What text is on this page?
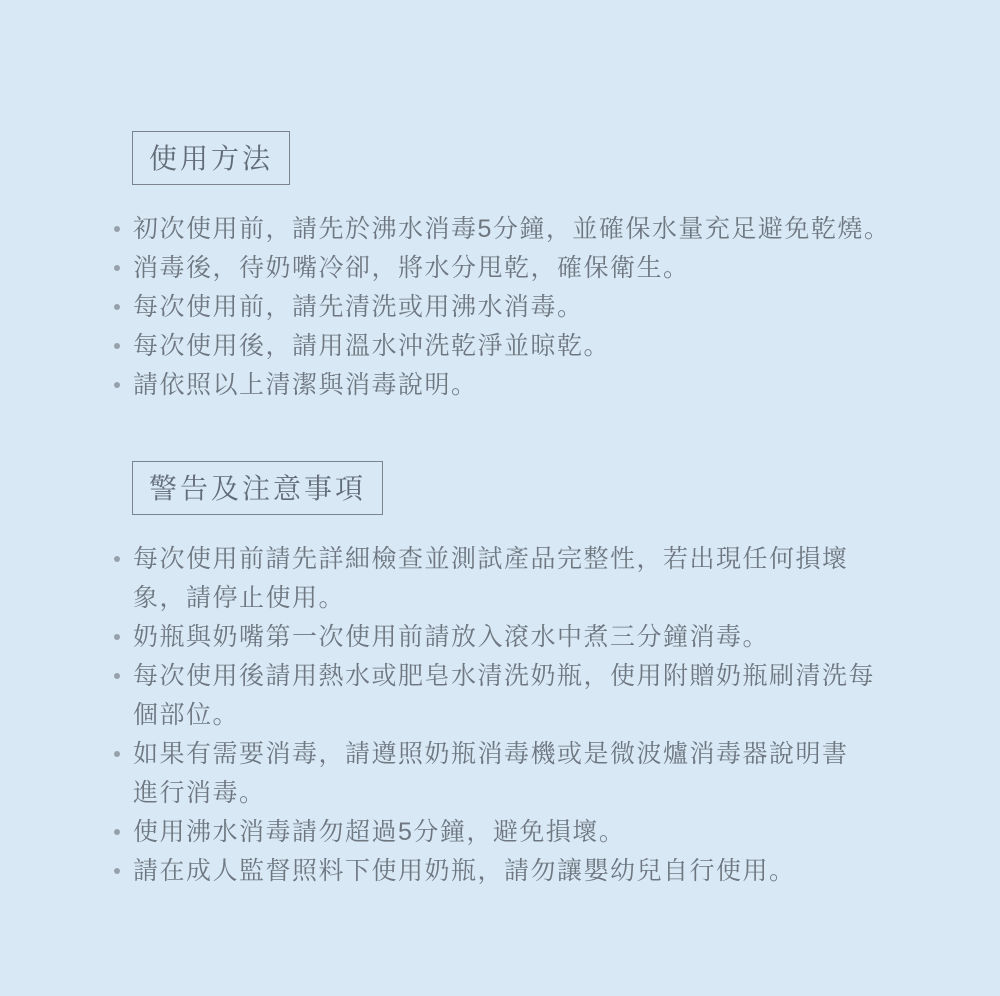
使用方法
初次使用前，請先於沸水消毒5分鐘，並確保水量充足避免乾燒。
消毒後，待奶嘴冷卻，將水分甩乾，確保衛生。
每次使用前，請先清洗或用沸水消毒。
每次使用後，請用溫水沖洗乾淨並晾乾。
請依照以上清潔與消毒說明。
警告及注意事項
每次使用前請先詳細檢查並測試產品完整性，若出現任何損壞
象，請停止使用。
奶瓶與奶嘴第一次使用前請放入滾水中煮三分鐘消毒。
每次使用後請用熱水或肥皂水清洗奶瓶，使用附贈奶瓶刷清洗每
個部位。
如果有需要消毒，請遵照奶瓶消毒機或是微波爐消毒器說明書
進行消毒。
使用沸水消毒請勿超過5分鐘，避免損壞。
請在成人監督照料下使用奶瓶，請勿讓嬰幼兒自行使用。
